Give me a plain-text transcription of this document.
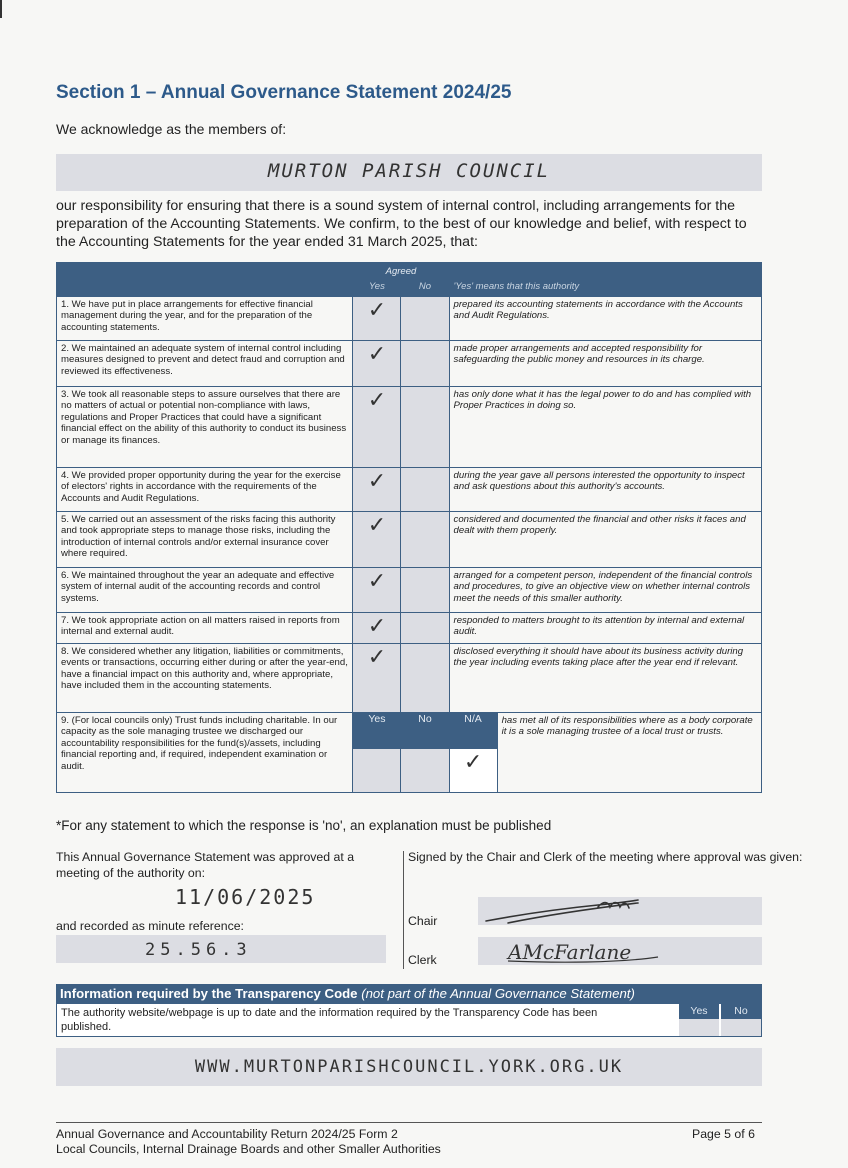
Section 1 – Annual Governance Statement 2024/25
We acknowledge as the members of:
MURTON PARISH COUNCIL
our responsibility for ensuring that there is a sound system of internal control, including arrangements for the preparation of the Accounting Statements. We confirm, to the best of our knowledge and belief, with respect to the Accounting Statements for the year ended 31 March 2025, that:
	Agreed			
	Yes	No	'Yes' means that this authority	
1. We have put in place arrangements for effective financial management during the year, and for the preparation of the accounting statements.	✓		prepared its accounting statements in accordance with the Accounts and Audit Regulations.	
2. We maintained an adequate system of internal control including measures designed to prevent and detect fraud and corruption and reviewed its effectiveness.	✓		made proper arrangements and accepted responsibility for safeguarding the public money and resources in its charge.	
3. We took all reasonable steps to assure ourselves that there are no matters of actual or potential non-compliance with laws, regulations and Proper Practices that could have a significant financial effect on the ability of this authority to conduct its business or manage its finances.	✓		has only done what it has the legal power to do and has complied with Proper Practices in doing so.	
4. We provided proper opportunity during the year for the exercise of electors' rights in accordance with the requirements of the Accounts and Audit Regulations.	✓		during the year gave all persons interested the opportunity to inspect and ask questions about this authority's accounts.	
5. We carried out an assessment of the risks facing this authority and took appropriate steps to manage those risks, including the introduction of internal controls and/or external insurance cover where required.	✓		considered and documented the financial and other risks it faces and dealt with them properly.	
6. We maintained throughout the year an adequate and effective system of internal audit of the accounting records and control systems.	✓		arranged for a competent person, independent of the financial controls and procedures, to give an objective view on whether internal controls meet the needs of this smaller authority.	
7. We took appropriate action on all matters raised in reports from internal and external audit.	✓		responded to matters brought to its attention by internal and external audit.	
8. We considered whether any litigation, liabilities or commitments, events or transactions, occurring either during or after the year-end, have a financial impact on this authority and, where appropriate, have included them in the accounting statements.	✓		disclosed everything it should have about its business activity during the year including events taking place after the year end if relevant.	
9. (For local councils only) Trust funds including charitable. In our capacity as the sole managing trustee we discharged our accountability responsibilities for the fund(s)/assets, including financial reporting and, if required, independent examination or audit.	Yes	No	N/A	has met all of its responsibilities where as a body corporate it is a sole managing trustee of a local trust or trusts.
			✓	
*For any statement to which the response is 'no', an explanation must be published
This Annual Governance Statement was approved at a meeting of the authority on:
11/06/2025
and recorded as minute reference:
25.56.3
Signed by the Chair and Clerk of the meeting where approval was given:
Chair
Clerk	AMcFarlane
Information required by the Transparency Code (not part of the Annual Governance Statement)
The authority website/webpage is up to date and the information required by the Transparency Code has been published.
Yes	No
WWW.MURTONPARISHCOUNCIL.YORK.ORG.UK
Annual Governance and Accountability Return 2024/25 Form 2
Local Councils, Internal Drainage Boards and other Smaller Authorities
Page 5 of 6
